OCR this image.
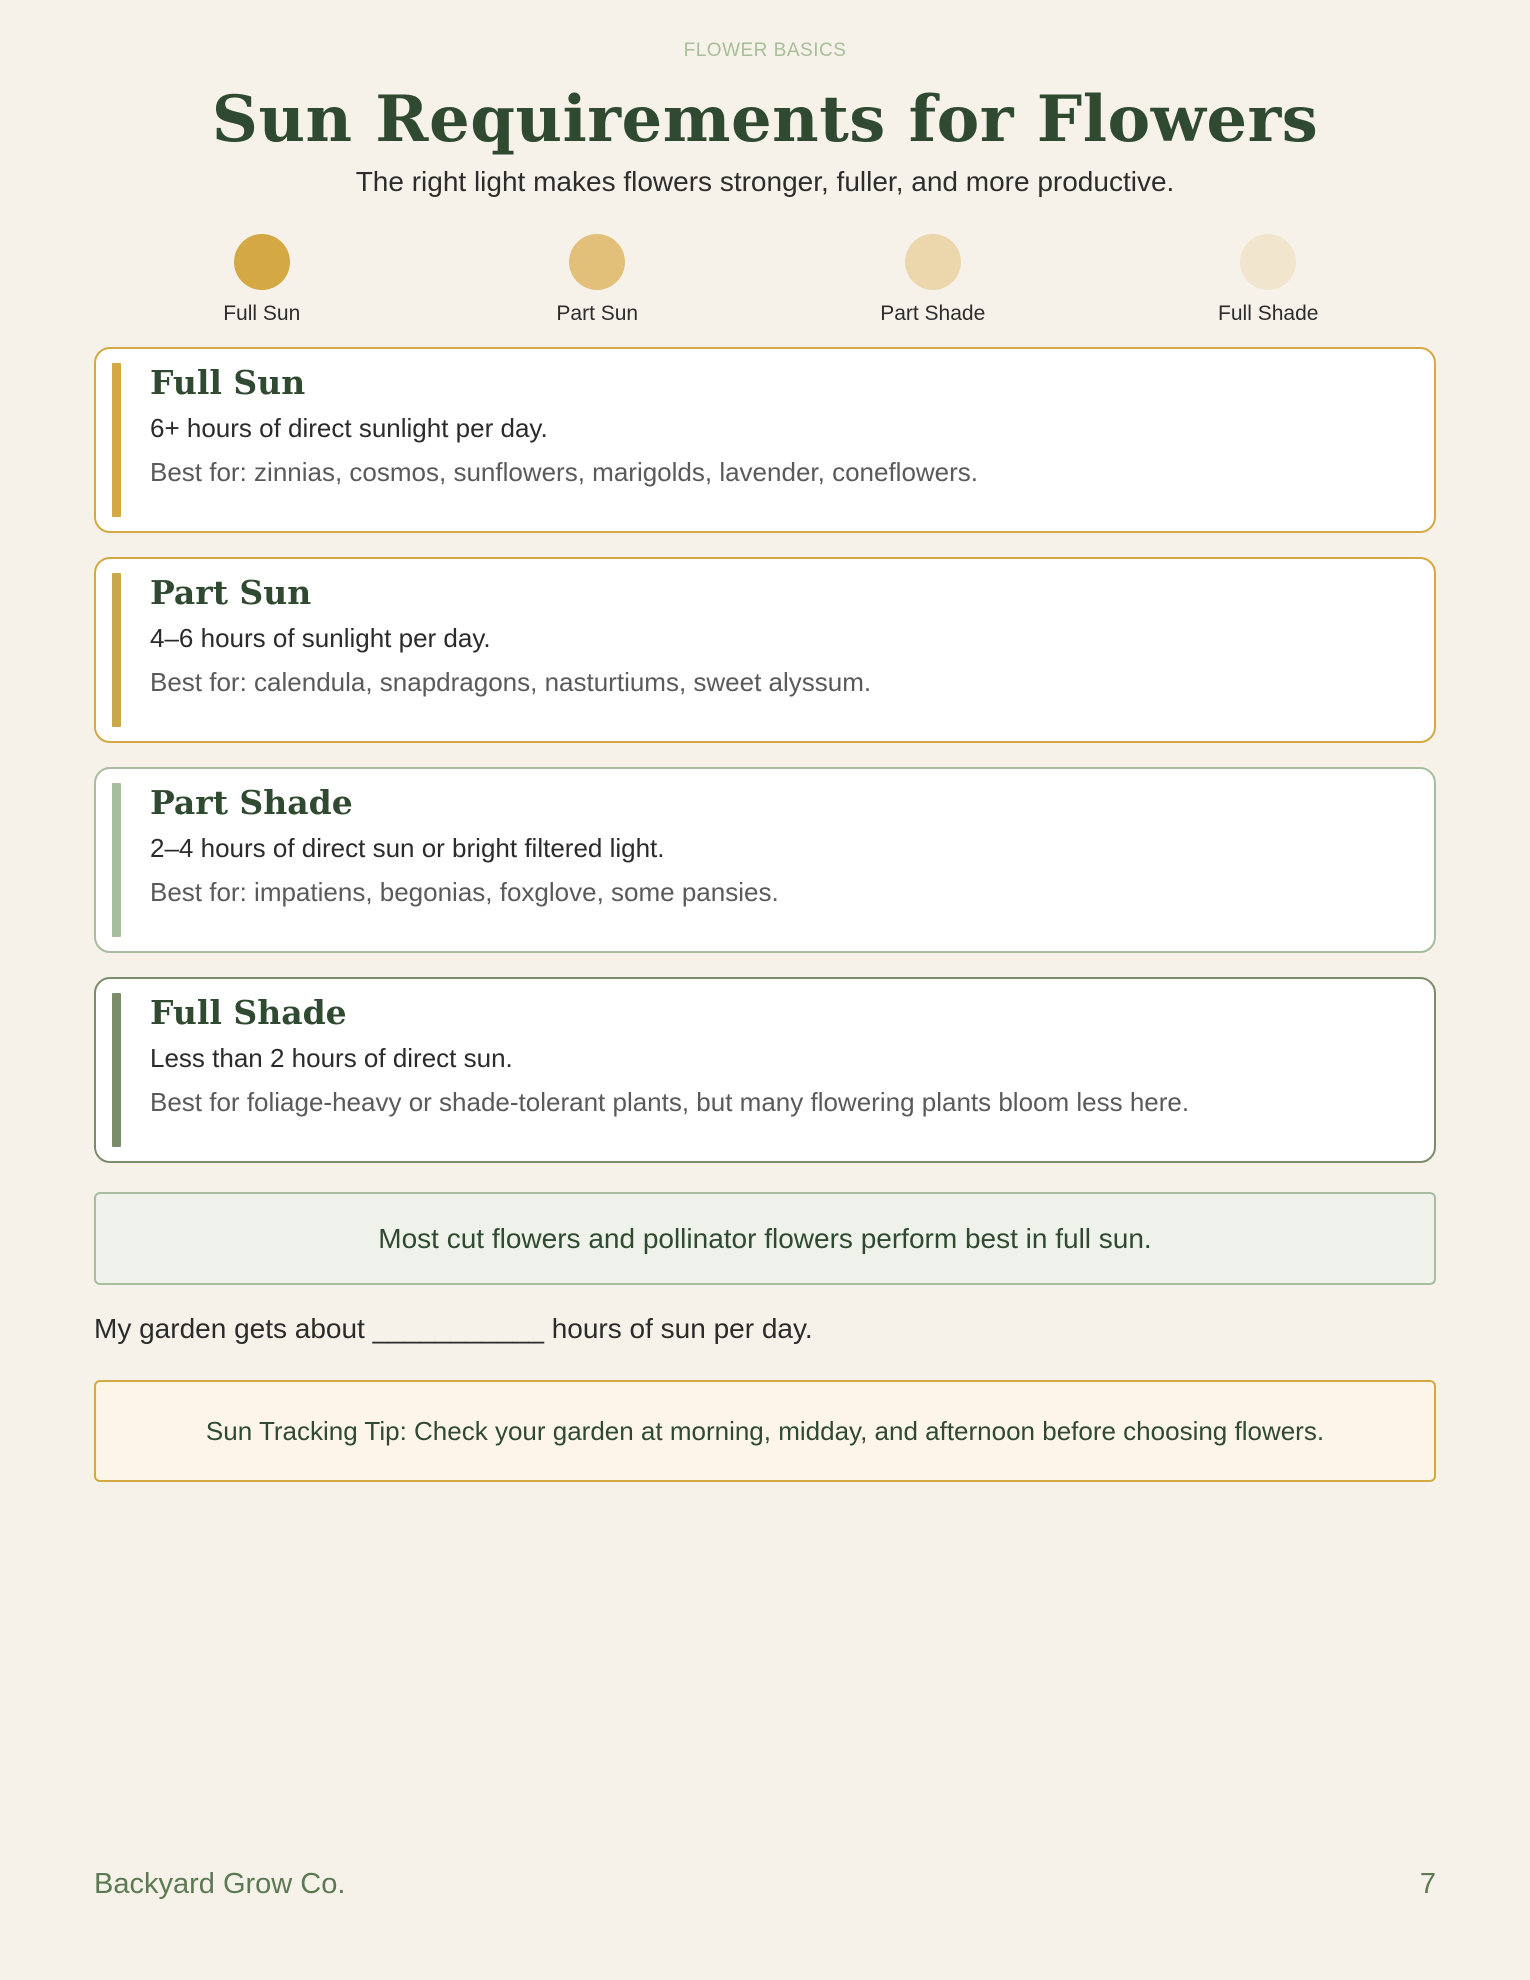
FLOWER BASICS
Sun Requirements for Flowers
The right light makes flowers stronger, fuller, and more productive.
Full Sun	Part Sun	Part Shade	Full Shade
Full Sun
6+ hours of direct sunlight per day.
Best for: zinnias, cosmos, sunflowers, marigolds, lavender, coneflowers.
Part Sun
4–6 hours of sunlight per day.
Best for: calendula, snapdragons, nasturtiums, sweet alyssum.
Part Shade
2–4 hours of direct sun or bright filtered light.
Best for: impatiens, begonias, foxglove, some pansies.
Full Shade
Less than 2 hours of direct sun.
Best for foliage-heavy or shade-tolerant plants, but many flowering plants bloom less here.
Most cut flowers and pollinator flowers perform best in full sun.
My garden gets about ___________ hours of sun per day.
Sun Tracking Tip: Check your garden at morning, midday, and afternoon before choosing flowers.
Backyard Grow Co.	7
